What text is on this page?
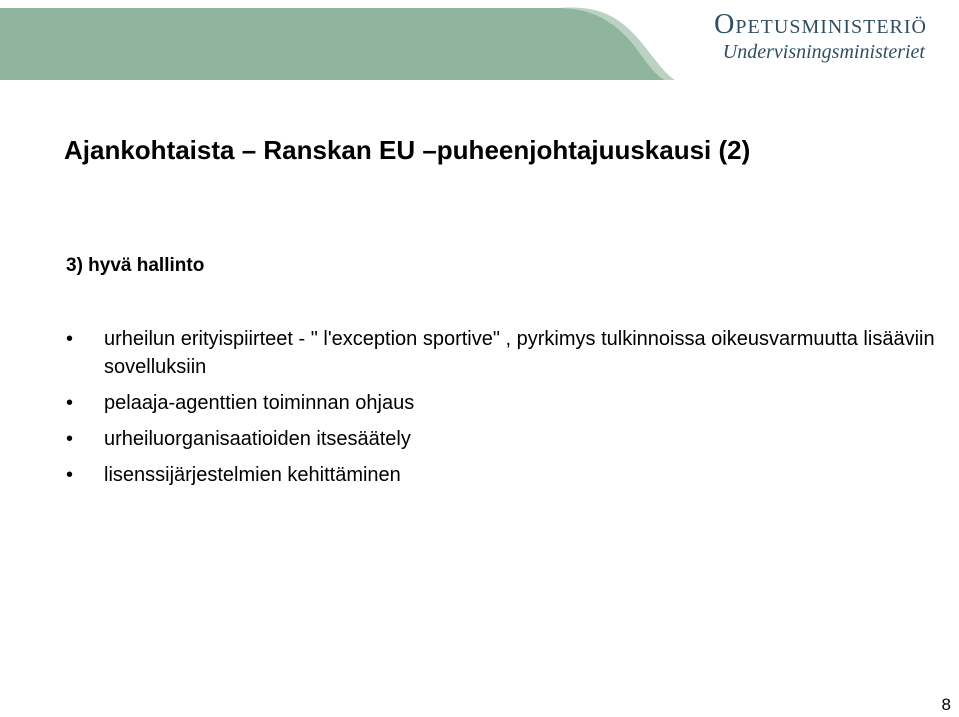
Opetusministeriö
Undervisningsministeriet
Ajankohtaista – Ranskan EU –puheenjohtajuuskausi (2)
3) hyvä hallinto
• urheilun erityispiirteet - " l'exception sportive" , pyrkimys tulkinnoissa oikeusvarmuutta lisääviin sovelluksiin
• pelaaja-agenttien toiminnan ohjaus
• urheiluorganisaatioiden itsesäätely
• lisenssijärjestelmien kehittäminen
8
